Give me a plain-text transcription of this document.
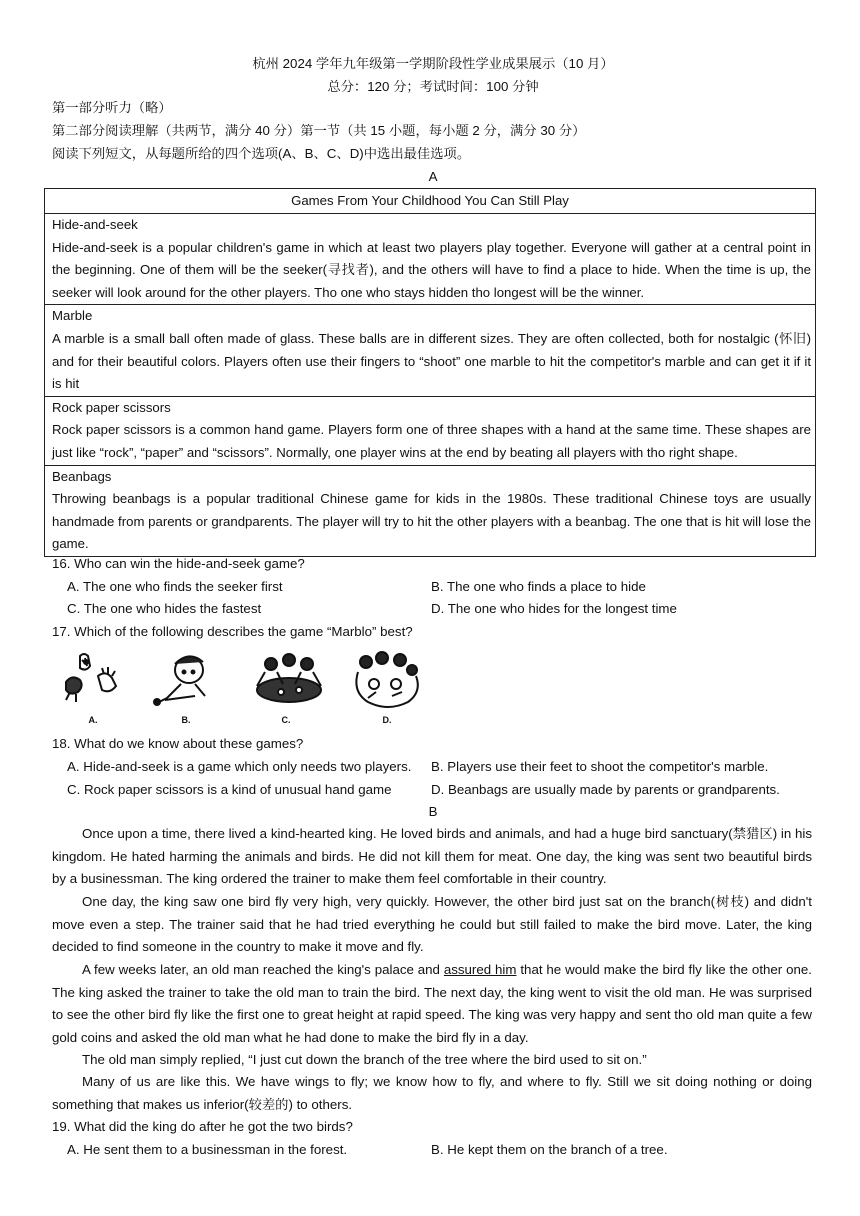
杭州 2024 学年九年级第一学期阶段性学业成果展示（10 月）
总分：120 分；考试时间：100 分钟
第一部分听力（略）
第二部分阅读理解（共两节，满分 40 分）第一节（共 15 小题，每小题 2 分，满分 30 分）
阅读下列短文，从每题所给的四个选项(A、B、C、D)中选出最佳选项。
A
Games From Your Childhood You Can Still Play

Hide-and-seek
Hide-and-seek is a popular children's game in which at least two players play together. Everyone will gather at a central point in the beginning. One of them will be the seeker(寻找者), and the others will have to find a place to hide. When the time is up, the seeker will look around for the other players. Tho one who stays hidden tho longest will be the winner.

Marble
A marble is a small ball often made of glass. These balls are in different sizes. They are often collected, both for nostalgic (怀旧) and for their beautiful colors. Players often use their fingers to “shoot” one marble to hit the competitor's marble and can get it if it is hit

Rock paper scissors
Rock paper scissors is a common hand game. Players form one of three shapes with a hand at the same time. These shapes are just like “rock”, “paper” and “scissors”. Normally, one player wins at the end by beating all players with tho right shape.

Beanbags
Throwing beanbags is a popular traditional Chinese game for kids in the 1980s. These traditional Chinese toys are usually handmade from parents or grandparents. The player will try to hit the other players with a beanbag. The one that is hit will lose the game.
16. Who can win the hide-and-seek game?
A. The one who finds the seeker first	B. The one who finds a place to hide
C. The one who hides the fastest	D. The one who hides for the longest time
17. Which of the following describes the game “Marblo” best?
A.	B.	C.	D.
18. What do we know about these games?
A. Hide-and-seek is a game which only needs two players. B. Players use their feet to shoot the competitor's marble.
C. Rock paper scissors is a kind of unusual hand game	D. Beanbags are usually made by parents or grandparents.
B
Once upon a time, there lived a kind-hearted king. He loved birds and animals, and had a huge bird sanctuary(禁猎区) in his kingdom. He hated harming the animals and birds. He did not kill them for meat. One day, the king was sent two beautiful birds by a businessman. The king ordered the trainer to make them feel comfortable in their country.
One day, the king saw one bird fly very high, very quickly. However, the other bird just sat on the branch(树枝) and didn't move even a step. The trainer said that he had tried everything he could but still failed to make the bird move. Later, the king decided to find someone in the country to make it move and fly.
A few weeks later, an old man reached the king's palace and assured him that he would make the bird fly like the other one. The king asked the trainer to take the old man to train the bird. The next day, the king went to visit the old man. He was surprised to see the other bird fly like the first one to great height at rapid speed. The king was very happy and sent tho old man quite a few gold coins and asked the old man what he had done to make the bird fly in a day.
The old man simply replied, “I just cut down the branch of the tree where the bird used to sit on.”
Many of us are like this. We have wings to fly; we know how to fly, and where to fly. Still we sit doing nothing or doing something that makes us inferior(较差的) to others.
19. What did the king do after he got the two birds?
A. He sent them to a businessman in the forest.	B. He kept them on the branch of a tree.
